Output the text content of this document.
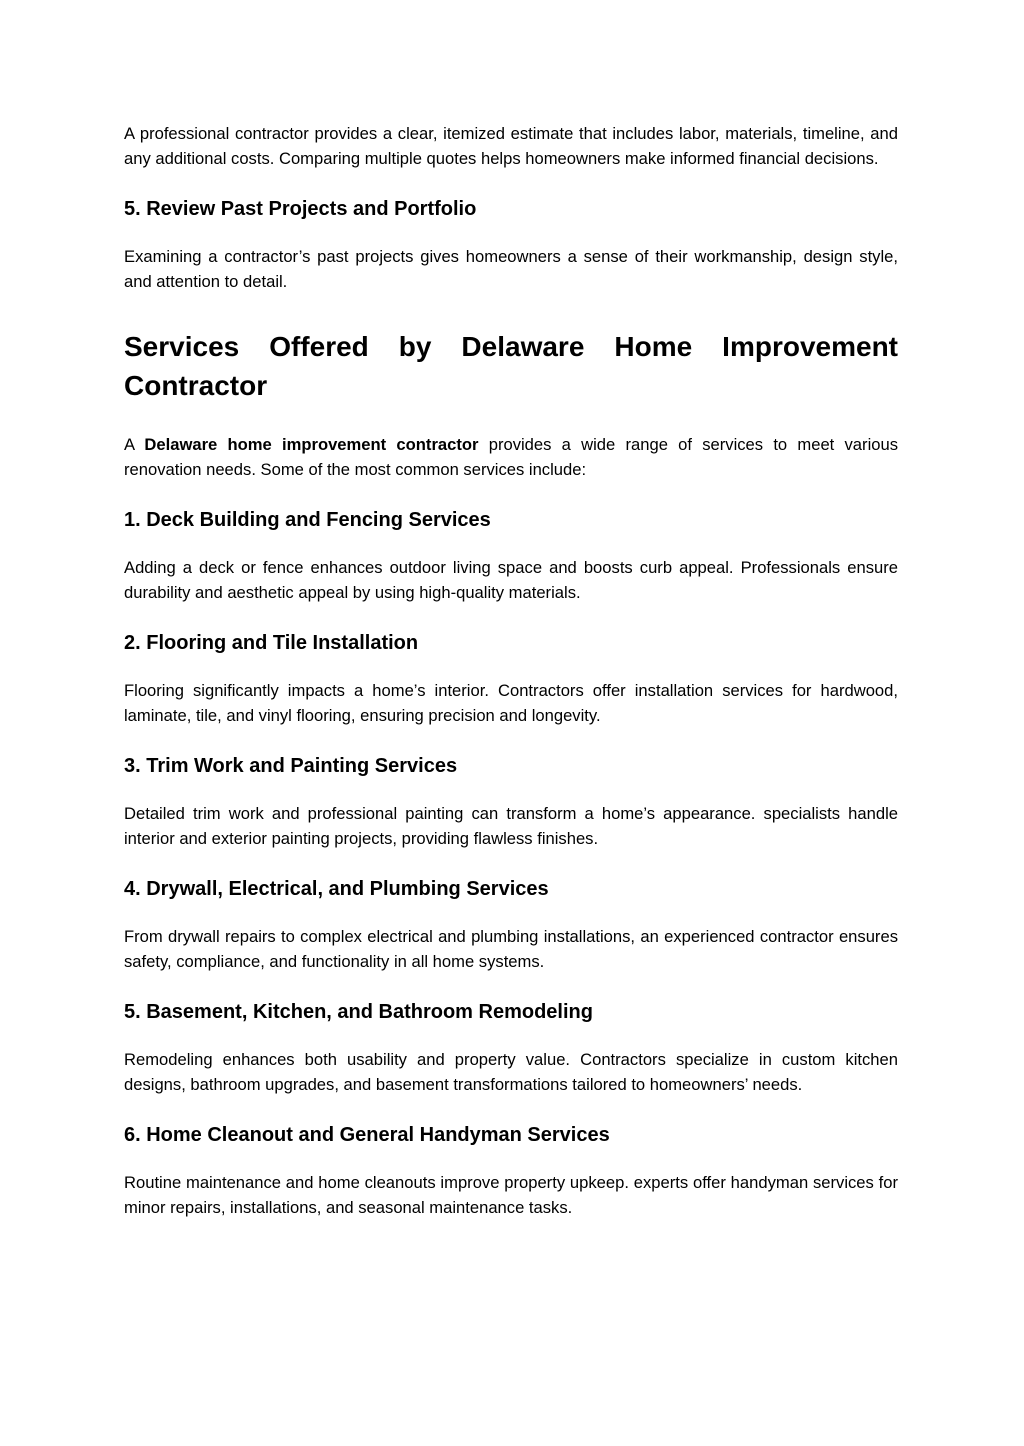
A professional contractor provides a clear, itemized estimate that includes labor, materials, timeline, and any additional costs. Comparing multiple quotes helps homeowners make informed financial decisions.

5. Review Past Projects and Portfolio

Examining a contractor’s past projects gives homeowners a sense of their workmanship, design style, and attention to detail.

Services Offered by Delaware Home Improvement Contractor

A Delaware home improvement contractor provides a wide range of services to meet various renovation needs. Some of the most common services include:

1. Deck Building and Fencing Services

Adding a deck or fence enhances outdoor living space and boosts curb appeal. Professionals ensure durability and aesthetic appeal by using high-quality materials.

2. Flooring and Tile Installation

Flooring significantly impacts a home’s interior. Contractors offer installation services for hardwood, laminate, tile, and vinyl flooring, ensuring precision and longevity.

3. Trim Work and Painting Services

Detailed trim work and professional painting can transform a home’s appearance. specialists handle interior and exterior painting projects, providing flawless finishes.

4. Drywall, Electrical, and Plumbing Services

From drywall repairs to complex electrical and plumbing installations, an experienced contractor ensures safety, compliance, and functionality in all home systems.

5. Basement, Kitchen, and Bathroom Remodeling

Remodeling enhances both usability and property value. Contractors specialize in custom kitchen designs, bathroom upgrades, and basement transformations tailored to homeowners’ needs.

6. Home Cleanout and General Handyman Services

Routine maintenance and home cleanouts improve property upkeep. experts offer handyman services for minor repairs, installations, and seasonal maintenance tasks.
